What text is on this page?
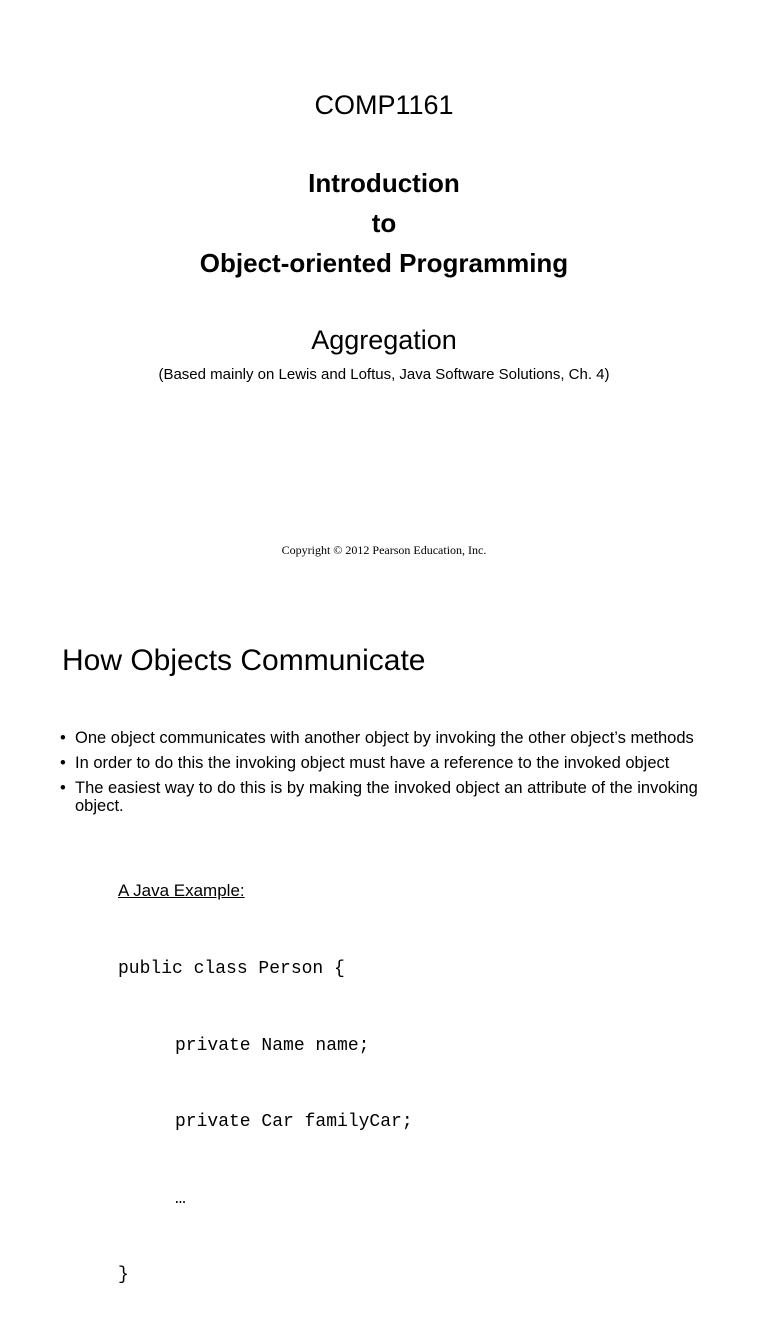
COMP1161
Introduction
to
Object-oriented Programming
Aggregation
(Based mainly on Lewis and Loftus, Java Software Solutions, Ch. 4)
Copyright © 2012 Pearson Education, Inc.
How Objects Communicate
• One object communicates with another object by invoking the other object’s methods
• In order to do this the invoking object must have a reference to the invoked object
• The easiest way to do this is by making the invoked object an attribute of the invoking object.
A Java Example:

public class Person {

private Name name;

private Car familyCar;

…

}
